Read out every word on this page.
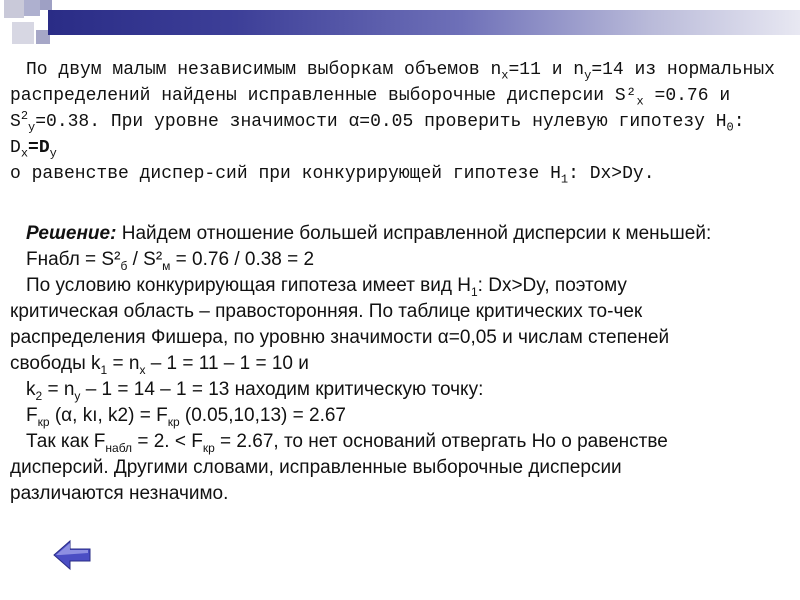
По двум малым независимым выборкам объемов $n_x=11$ и $n_y=14$ из нормальных

распределений найдены исправленные выборочные дисперсии $S^2_x =0.76$ и

$S^2_y=0.38$. При уровне значимости α=0.05 проверить нулевую гипотезу $H_0$: $D_x=D_y$

о равенстве диспер-сий при конкурирующей гипотезе $H_1$: Dx>Dy.

Решение: Найдем отношение большей исправленной дисперсии к меньшей:

Fнабл = $S^2_б / S^2_м = 0.76 / 0.38 = 2$

По условию конкурирующая гипотеза имеет вид $H_1$: Dx>Dy, поэтому

критическая область – правосторонняя. По таблице критических то-чек

распределения Фишера, по уровню значимости α=0,05 и числам степеней

свободы $k_1 = n_x - 1 = 11 - 1 = 10$ и

$k_2 = n_y - 1 = 14 - 1 = 13$ находим критическую точку:

$F_{кр}$ (α, kı, $k2) = F_{кр}$ (0.05,10,13) = 2.67

Так как $F_{набл} = 2$. < $F_{кр} = 2.67$, то нет оснований отвергать Но о равенстве

дисперсий. Другими словами, исправленные выборочные дисперсии

различаются незначимо.
